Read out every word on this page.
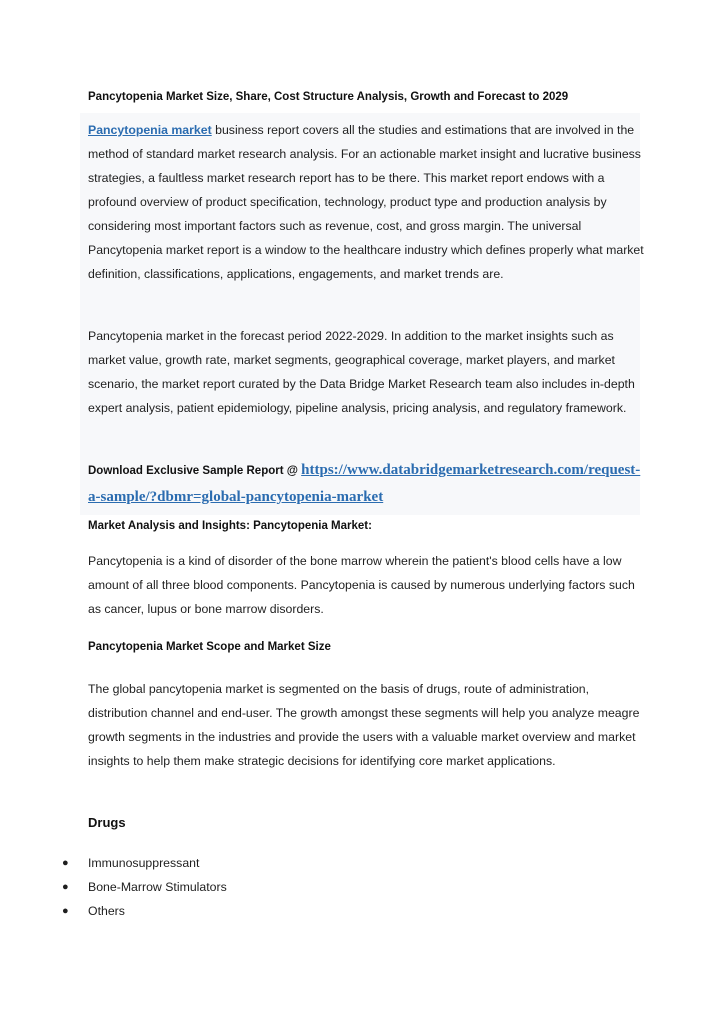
Pancytopenia Market Size, Share, Cost Structure Analysis, Growth and Forecast to 2029

Pancytopenia market business report covers all the studies and estimations that are involved in the method of standard market research analysis. For an actionable market insight and lucrative business strategies, a faultless market research report has to be there. This market report endows with a profound overview of product specification, technology, product type and production analysis by considering most important factors such as revenue, cost, and gross margin. The universal Pancytopenia market report is a window to the healthcare industry which defines properly what market definition, classifications, applications, engagements, and market trends are.

Pancytopenia market in the forecast period 2022-2029. In addition to the market insights such as market value, growth rate, market segments, geographical coverage, market players, and market scenario, the market report curated by the Data Bridge Market Research team also includes in-depth expert analysis, patient epidemiology, pipeline analysis, pricing analysis, and regulatory framework.

Download Exclusive Sample Report @ https://www.databridgemarketresearch.com/request-a-sample/?dbmr=global-pancytopenia-market

Market Analysis and Insights: Pancytopenia Market:

Pancytopenia is a kind of disorder of the bone marrow wherein the patient's blood cells have a low amount of all three blood components. Pancytopenia is caused by numerous underlying factors such as cancer, lupus or bone marrow disorders.

Pancytopenia Market Scope and Market Size

The global pancytopenia market is segmented on the basis of drugs, route of administration, distribution channel and end-user. The growth amongst these segments will help you analyze meagre growth segments in the industries and provide the users with a valuable market overview and market insights to help them make strategic decisions for identifying core market applications.

Drugs
● Immunosuppressant
● Bone-Marrow Stimulators
● Others
